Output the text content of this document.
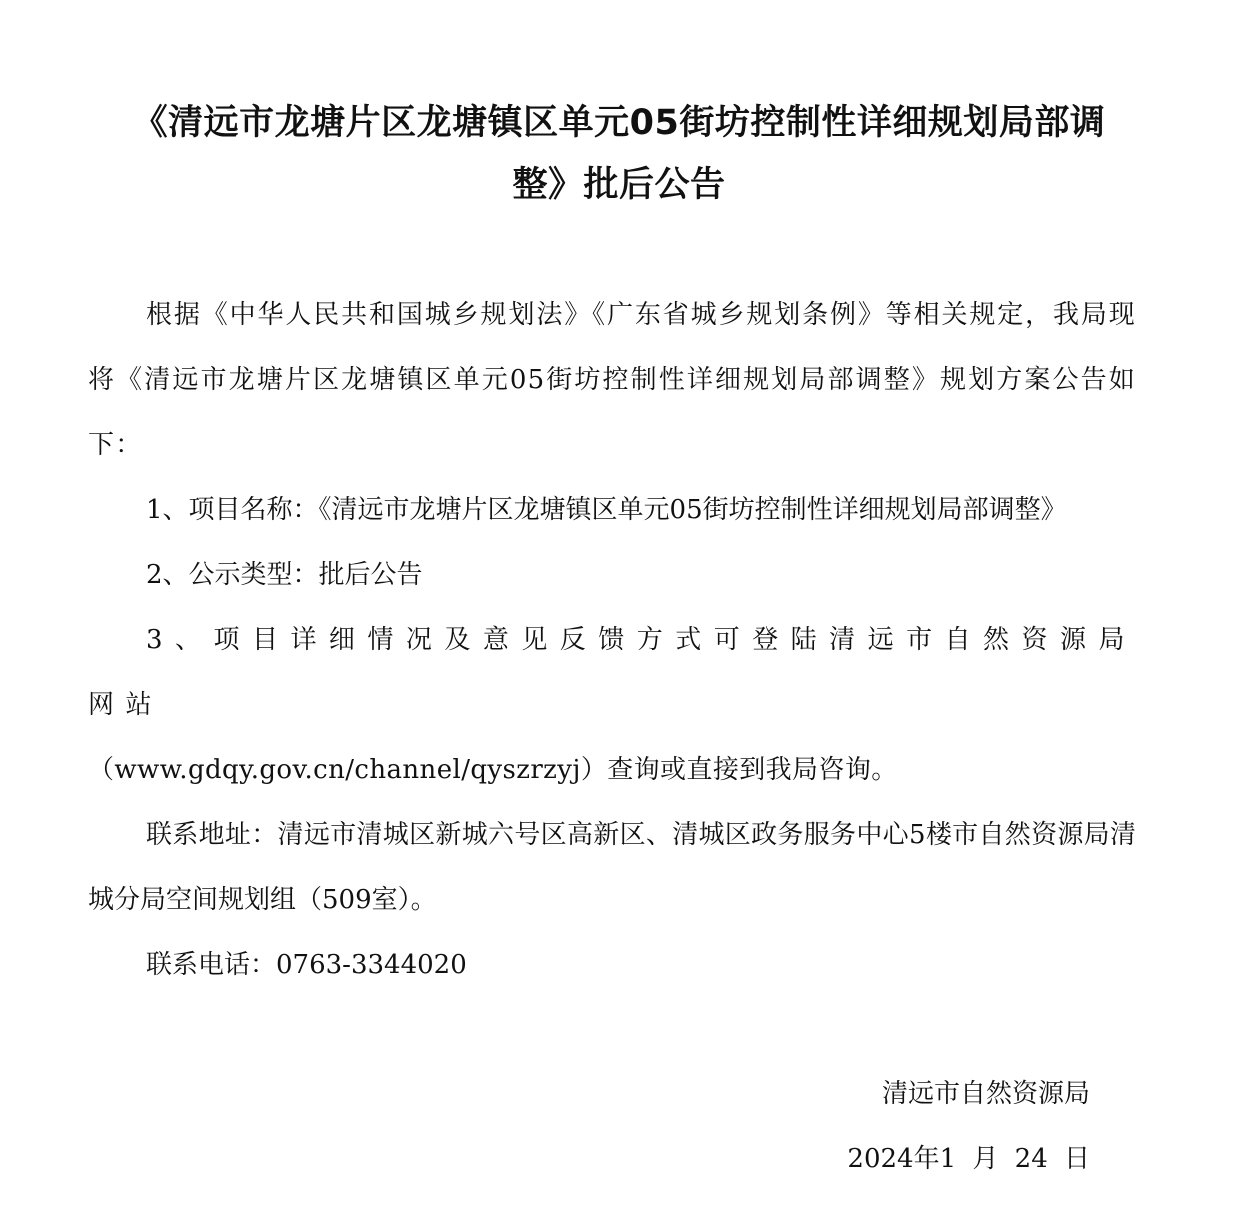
《清远市龙塘片区龙塘镇区单元05街坊控制性详细规划局部调
整》批后公告

根据《中华人民共和国城乡规划法》《广东省城乡规划条例》等相关规定，我局现将《清远市龙塘片区龙塘镇区单元05街坊控制性详细规划局部调整》规划方案公告如下：

1、项目名称：《清远市龙塘片区龙塘镇区单元05街坊控制性详细规划局部调整》

2、公示类型：批后公告

3、项目详细情况及意见反馈方式可登陆清远市自然资源局网站
（www.gdqy.gov.cn/channel/qyszrzyj）查询或直接到我局咨询。

联系地址：清远市清城区新城六号区高新区、清城区政务服务中心5楼市自然资源局清城分局空间规划组（509室）。

联系电话：0763-3344020

清远市自然资源局
2024年1 月 24 日
